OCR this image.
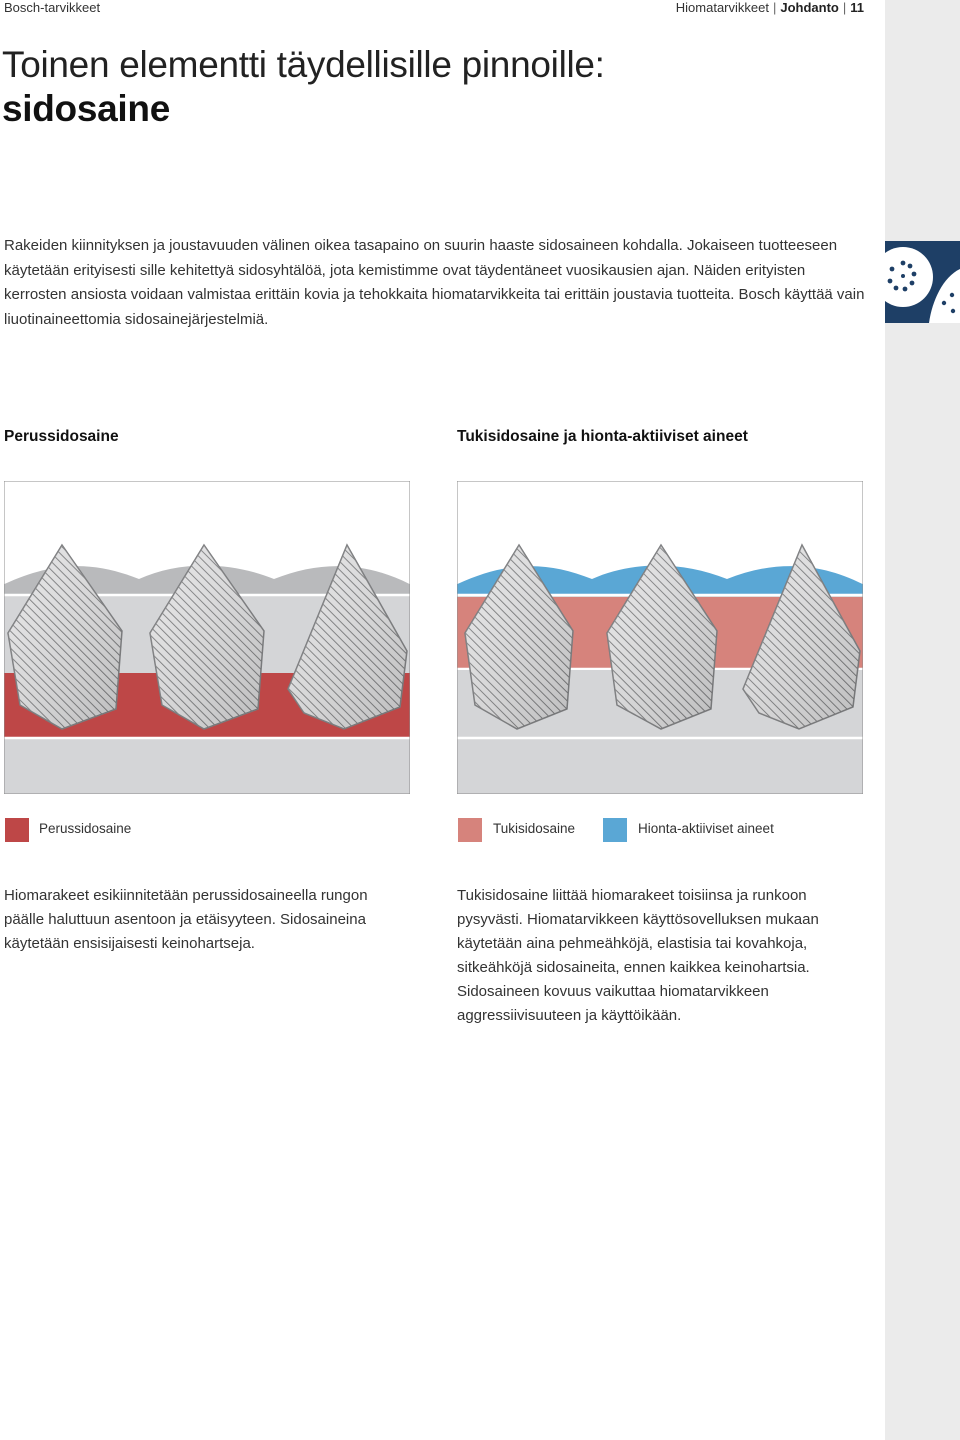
Bosch-tarvikkeet	Hiomatarvikkeet | Johdanto | 11
Toinen elementti täydellisille pinnoille:
sidosaine

Rakeiden kiinnityksen ja joustavuuden välinen oikea tasapaino on suurin haaste sidosaineen kohdalla. Jokaiseen tuotteeseen käytetään erityisesti sille kehitettyä sidosyhtälöä, jota kemistimme ovat täydentäneet vuosikausien ajan. Näiden erityisten kerrosten ansiosta voidaan valmistaa erittäin kovia ja tehokkaita hiomatarvikkeita tai erittäin joustavia tuotteita. Bosch käyttää vain liuotinaineettomia sidosainejärjestelmiä.

Perussidosaine	Tukisidosaine ja hionta-aktiiviset aineet
Perussidosaine	Tukisidosaine	Hionta-aktiiviset aineet

Hiomarakeet esikiinnitetään perussidosaineella rungon päälle haluttuun asentoon ja etäisyyteen. Sidosaineina käytetään ensisijaisesti keinohartseja.

Tukisidosaine liittää hiomarakeet toisiinsa ja runkoon pysyvästi. Hiomatarvikkeen käyttösovelluksen mukaan käytetään aina pehmeähköjä, elastisia tai kovahkoja, sitkeähköjä sidosaineita, ennen kaikkea keinohartsia. Sidosaineen kovuus vaikuttaa hiomatarvikkeen aggressiivisuuteen ja käyttöikään.
